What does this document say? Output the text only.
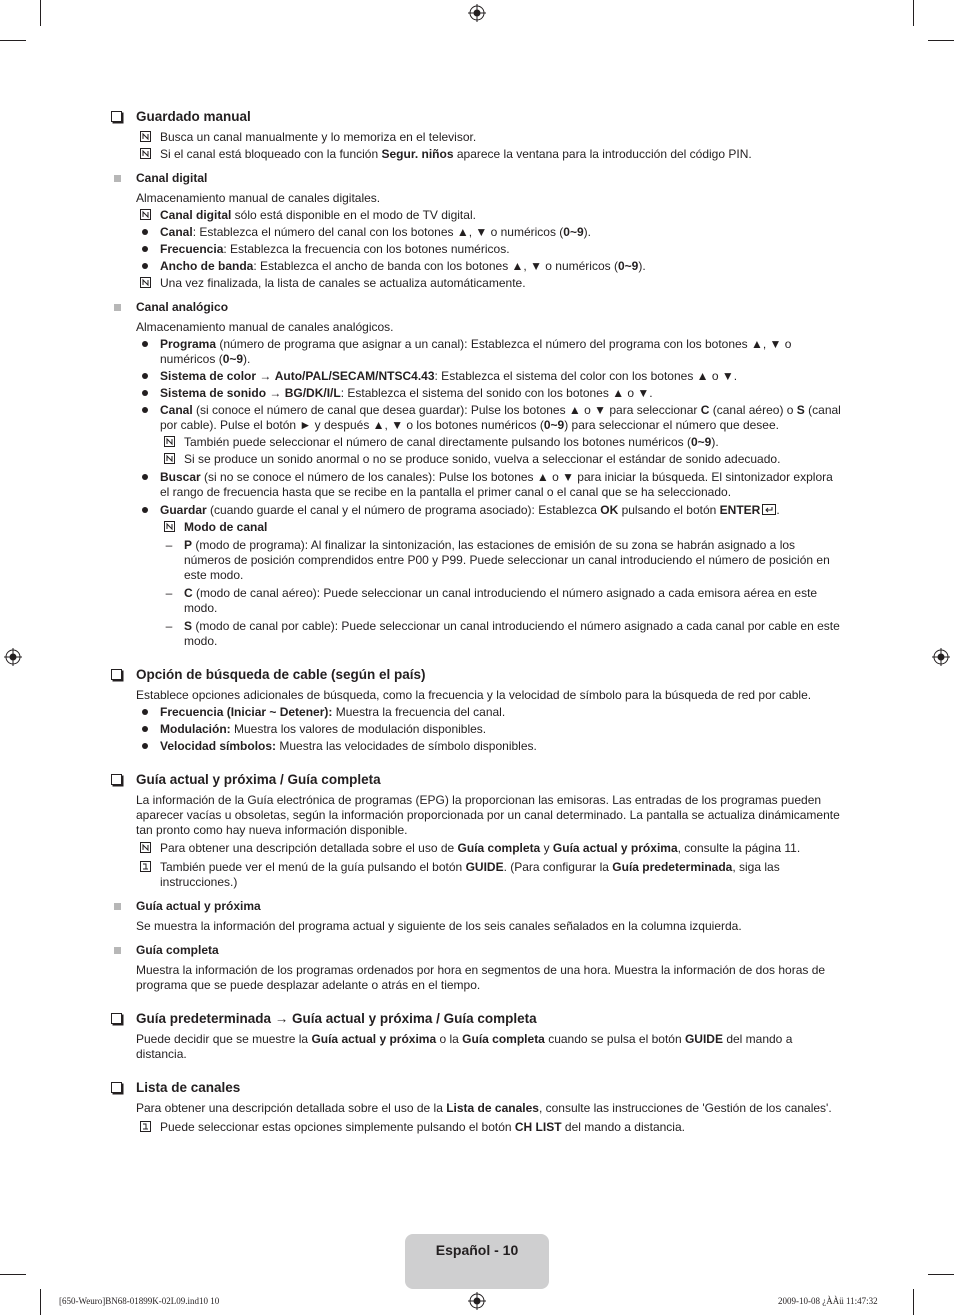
Guardado manual
Busca un canal manualmente y lo memoriza en el televisor.
Si el canal está bloqueado con la función Segur. niños aparece la ventana para la introducción del código PIN.
Canal digital
Almacenamiento manual de canales digitales.
Canal digital sólo está disponible en el modo de TV digital.
Canal: Establezca el número del canal con los botones ▲, ▼ o numéricos (0~9).
Frecuencia: Establezca la frecuencia con los botones numéricos.
Ancho de banda: Establezca el ancho de banda con los botones ▲, ▼ o numéricos (0~9).
Una vez finalizada, la lista de canales se actualiza automáticamente.
Canal analógico
Almacenamiento manual de canales analógicos.
Programa (número de programa que asignar a un canal): Establezca el número del programa con los botones ▲, ▼ o numéricos (0~9).
Sistema de color → Auto/PAL/SECAM/NTSC4.43: Establezca el sistema del color con los botones ▲ o ▼.
Sistema de sonido → BG/DK/I/L: Establezca el sistema del sonido con los botones ▲ o ▼.
Canal (si conoce el número de canal que desea guardar): Pulse los botones ▲ o ▼ para seleccionar C (canal aéreo) o S (canal por cable). Pulse el botón ► y después ▲, ▼ o los botones numéricos (0~9) para seleccionar el número que desee.
También puede seleccionar el número de canal directamente pulsando los botones numéricos (0~9).
Si se produce un sonido anormal o no se produce sonido, vuelva a seleccionar el estándar de sonido adecuado.
Buscar (si no se conoce el número de los canales): Pulse los botones ▲ o ▼ para iniciar la búsqueda. El sintonizador explora el rango de frecuencia hasta que se recibe en la pantalla el primer canal o el canal que se ha seleccionado.
Guardar (cuando guarde el canal y el número de programa asociado): Establezca OK pulsando el botón ENTER .
Modo de canal
– P (modo de programa): Al finalizar la sintonización, las estaciones de emisión de su zona se habrán asignado a los números de posición comprendidos entre P00 y P99. Puede seleccionar un canal introduciendo el número de posición en este modo.
– C (modo de canal aéreo): Puede seleccionar un canal introduciendo el número asignado a cada emisora aérea en este modo.
– S (modo de canal por cable): Puede seleccionar un canal introduciendo el número asignado a cada canal por cable en este modo.
Opción de búsqueda de cable (según el país)
Establece opciones adicionales de búsqueda, como la frecuencia y la velocidad de símbolo para la búsqueda de red por cable.
Frecuencia (Iniciar ~ Detener): Muestra la frecuencia del canal.
Modulación: Muestra los valores de modulación disponibles.
Velocidad símbolos: Muestra las velocidades de símbolo disponibles.
Guía actual y próxima / Guía completa
La información de la Guía electrónica de programas (EPG) la proporcionan las emisoras. Las entradas de los programas pueden aparecer vacías u obsoletas, según la información proporcionada por un canal determinado. La pantalla se actualiza dinámicamente tan pronto como hay nueva información disponible.
Para obtener una descripción detallada sobre el uso de Guía completa y Guía actual y próxima, consulte la página 11.
También puede ver el menú de la guía pulsando el botón GUIDE. (Para configurar la Guía predeterminada, siga las instrucciones.)
Guía actual y próxima
Se muestra la información del programa actual y siguiente de los seis canales señalados en la columna izquierda.
Guía completa
Muestra la información de los programas ordenados por hora en segmentos de una hora. Muestra la información de dos horas de programa que se puede desplazar adelante o atrás en el tiempo.
Guía predeterminada → Guía actual y próxima / Guía completa
Puede decidir que se muestre la Guía actual y próxima o la Guía completa cuando se pulsa el botón GUIDE del mando a distancia.
Lista de canales
Para obtener una descripción detallada sobre el uso de la Lista de canales, consulte las instrucciones de 'Gestión de los canales'.
Puede seleccionar estas opciones simplemente pulsando el botón CH LIST del mando a distancia.
Español - 10
[650-Weuro]BN68-01899K-02L09.ind10 10	2009-10-08 ¿ÀÀü 11:47:32
